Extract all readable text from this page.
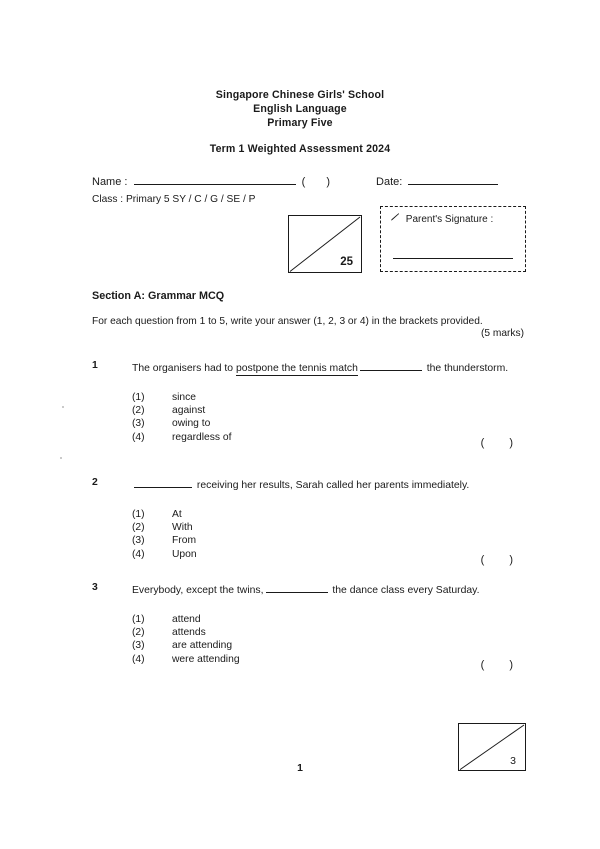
Singapore Chinese Girls' School
English Language
Primary Five
Term 1 Weighted Assessment 2024
Name :	( )	Date:
Class : Primary 5 SY / C / G / SE / P
25
Parent's Signature :
Section A: Grammar MCQ
For each question from 1 to 5, write your answer (1, 2, 3 or 4) in the brackets provided.
(5 marks)
1	The organisers had to postpone the tennis match	the thunderstorm.
(1)	since
(2)	against
(3)	owing to
(4)	regardless of	( )
2	receiving her results, Sarah called her parents immediately.
(1)	At
(2)	With
(3)	From
(4)	Upon	( )
3	Everybody, except the twins,	the dance class every Saturday.
(1)	attend
(2)	attends
(3)	are attending
(4)	were attending	( )
3
1
